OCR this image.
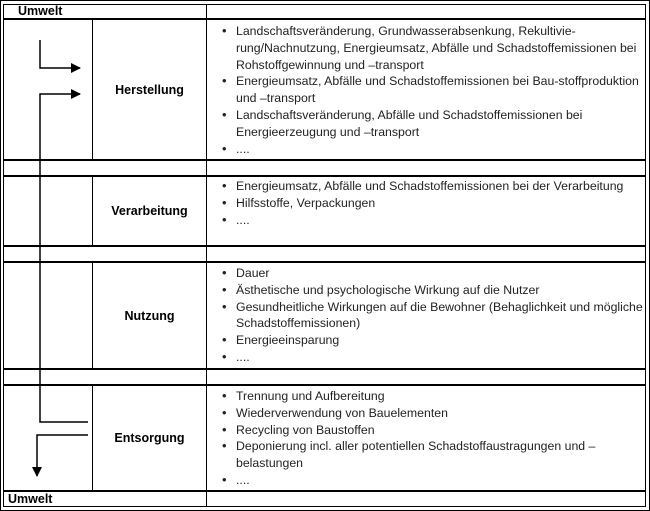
Umwelt
Umwelt
Herstellung
Verarbeitung
Nutzung
Entsorgung
• Landschaftsveränderung, Grundwasserabsenkung, Rekultivie-rung/Nachnutzung, Energieumsatz, Abfälle und Schadstoffemissionen bei Rohstoffgewinnung und –transport
• Energieumsatz, Abfälle und Schadstoffemissionen bei Bau-stoffproduktion und –transport
• Landschaftsveränderung, Abfälle und Schadstoffemissionen bei Energieerzeugung und –transport
• ....
• Energieumsatz, Abfälle und Schadstoffemissionen bei der Verarbeitung
• Hilfsstoffe, Verpackungen
• ....
• Dauer
• Ästhetische und psychologische Wirkung auf die Nutzer
• Gesundheitliche Wirkungen auf die Bewohner (Behaglichkeit und mögliche Schadstoffemissionen)
• Energieeinsparung
• ....
• Trennung und Aufbereitung
• Wiederverwendung von Bauelementen
• Recycling von Baustoffen
• Deponierung incl. aller potentiellen Schadstoffaustragungen und –belastungen
• ....
